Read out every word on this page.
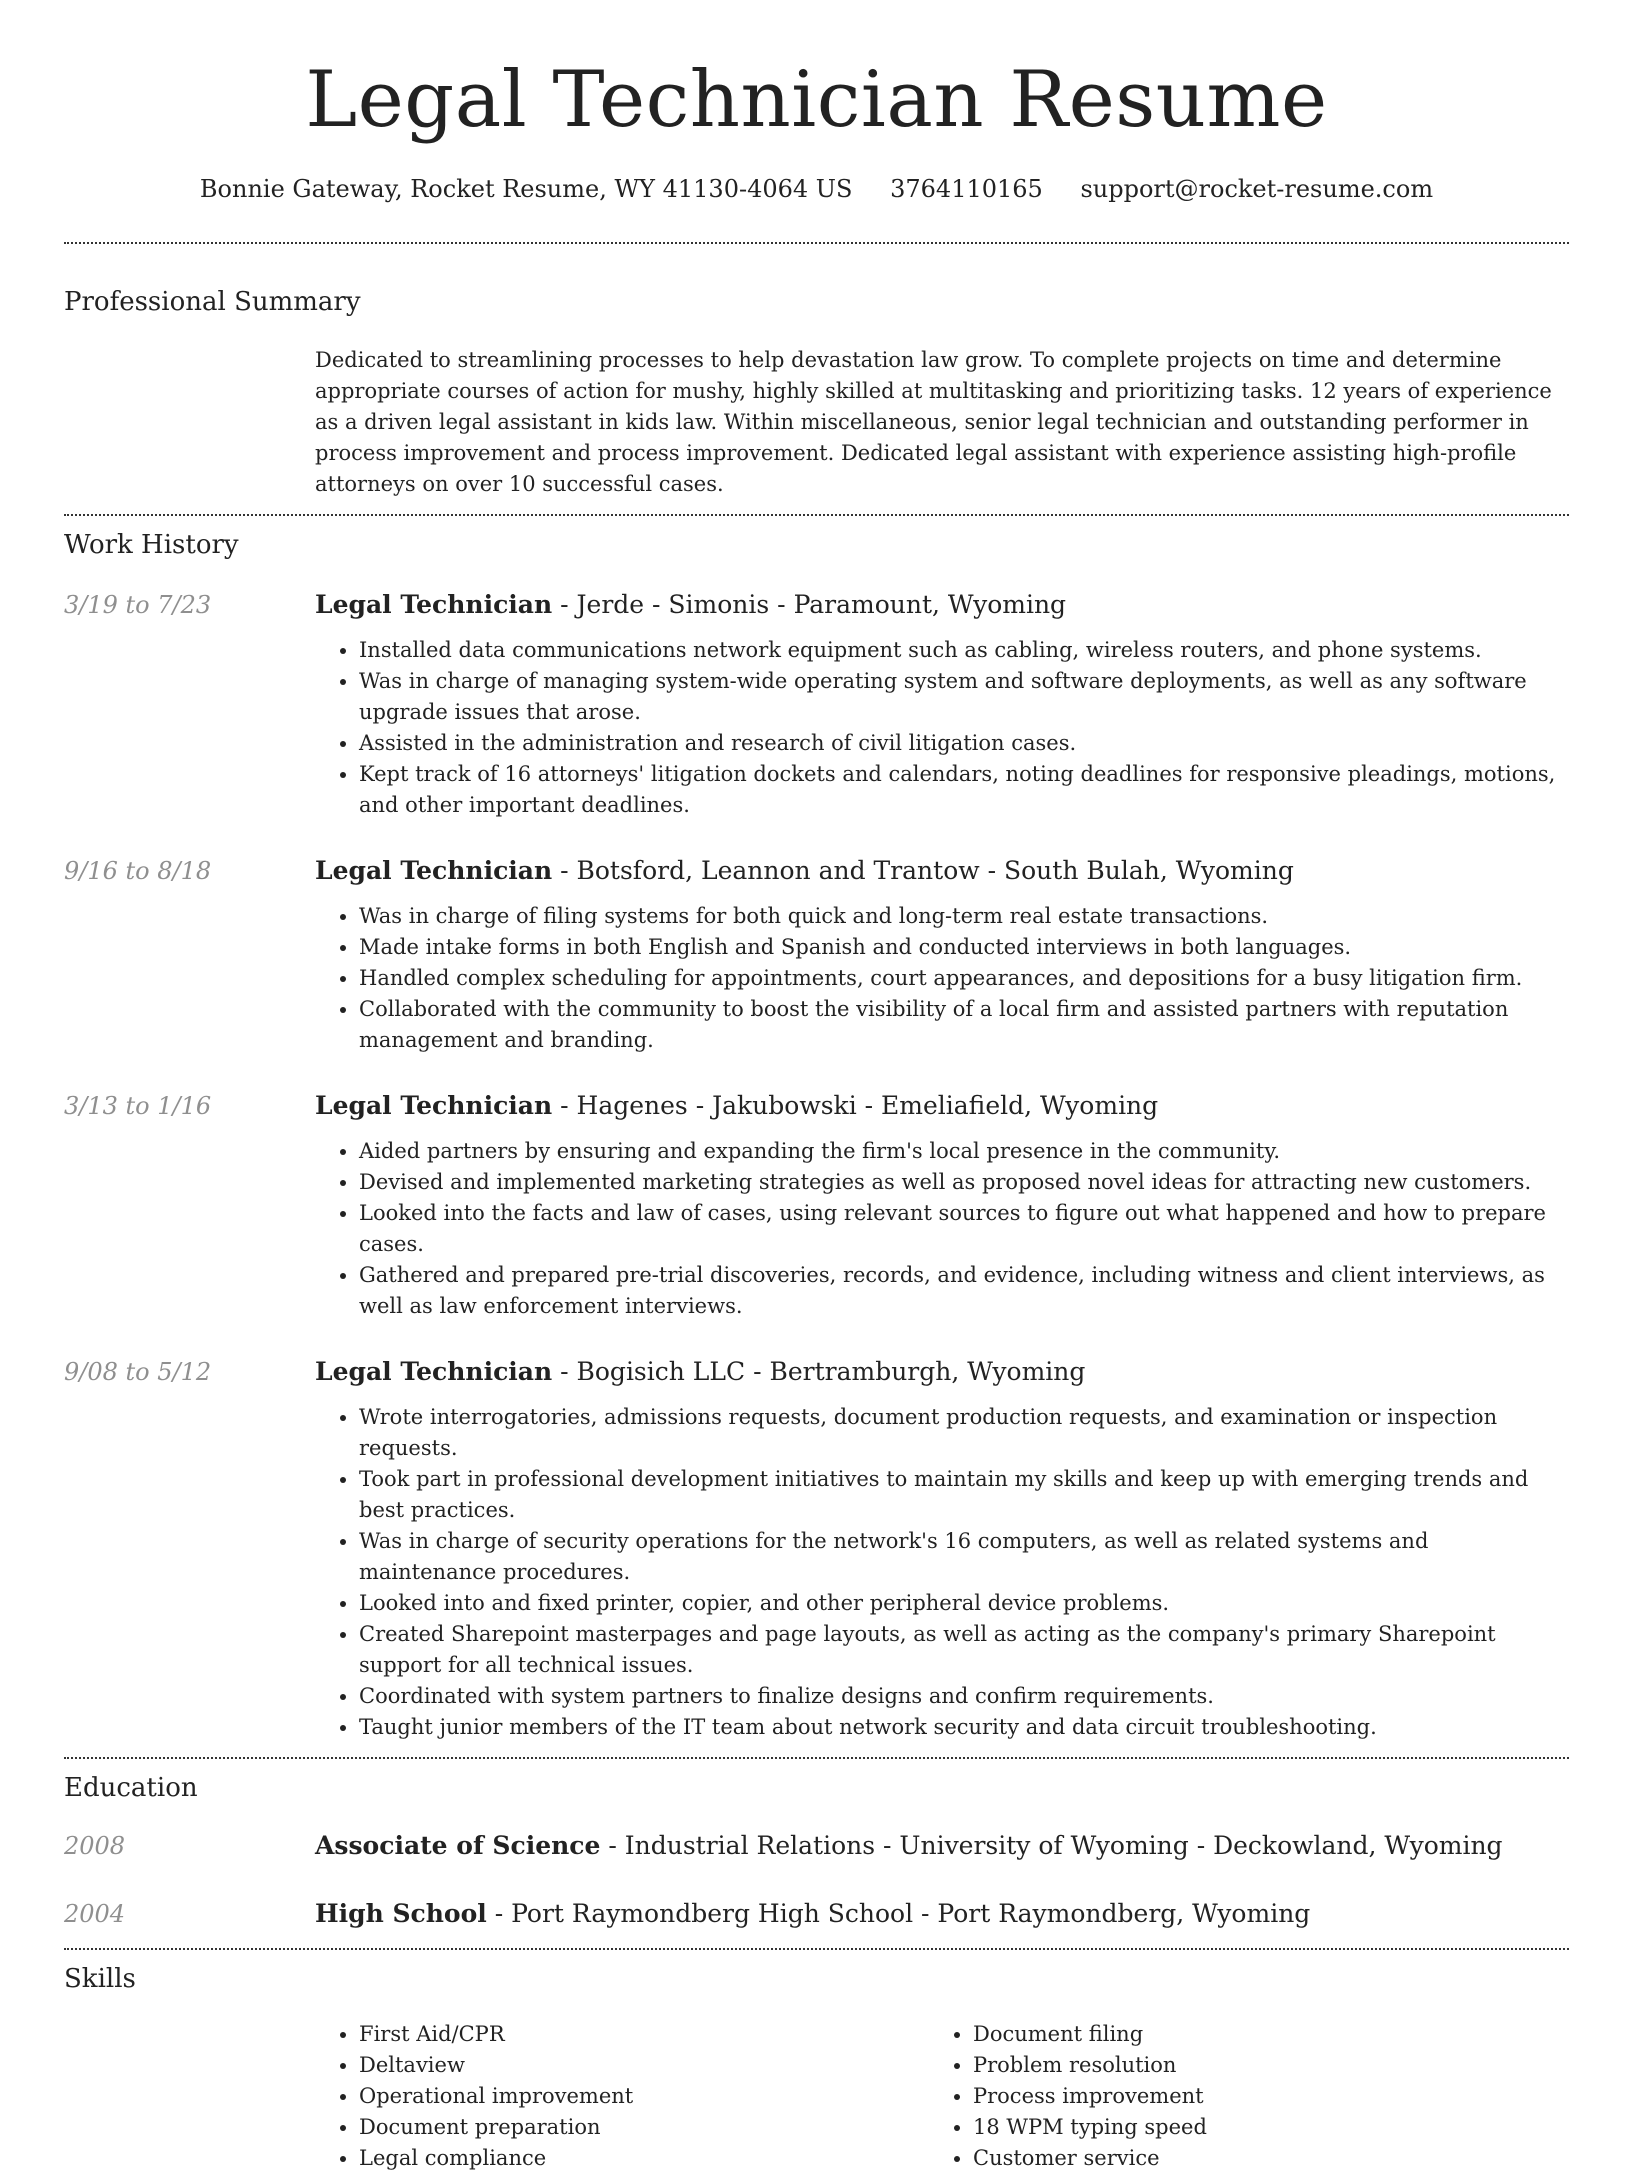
Legal Technician Resume
Bonnie Gateway, Rocket Resume, WY 41130-4064 US 3764110165 support@rocket-resume.com
Professional Summary

Dedicated to streamlining processes to help devastation law grow. To complete projects on time and determine appropriate courses of action for mushy, highly skilled at multitasking and prioritizing tasks. 12 years of experience as a driven legal assistant in kids law. Within miscellaneous, senior legal technician and outstanding performer in process improvement and process improvement. Dedicated legal assistant with experience assisting high-profile attorneys on over 10 successful cases.

Work History
3/19 to 7/23	Legal Technician - Jerde - Simonis - Paramount, Wyoming
• Installed data communications network equipment such as cabling, wireless routers, and phone systems.
• Was in charge of managing system-wide operating system and software deployments, as well as any software upgrade issues that arose.
• Assisted in the administration and research of civil litigation cases.
• Kept track of 16 attorneys' litigation dockets and calendars, noting deadlines for responsive pleadings, motions, and other important deadlines.
9/16 to 8/18	Legal Technician - Botsford, Leannon and Trantow - South Bulah, Wyoming
• Was in charge of filing systems for both quick and long-term real estate transactions.
• Made intake forms in both English and Spanish and conducted interviews in both languages.
• Handled complex scheduling for appointments, court appearances, and depositions for a busy litigation firm.
• Collaborated with the community to boost the visibility of a local firm and assisted partners with reputation management and branding.
3/13 to 1/16	Legal Technician - Hagenes - Jakubowski - Emeliafield, Wyoming
• Aided partners by ensuring and expanding the firm's local presence in the community.
• Devised and implemented marketing strategies as well as proposed novel ideas for attracting new customers.
• Looked into the facts and law of cases, using relevant sources to figure out what happened and how to prepare cases.
• Gathered and prepared pre-trial discoveries, records, and evidence, including witness and client interviews, as well as law enforcement interviews.
9/08 to 5/12	Legal Technician - Bogisich LLC - Bertramburgh, Wyoming
• Wrote interrogatories, admissions requests, document production requests, and examination or inspection requests.
• Took part in professional development initiatives to maintain my skills and keep up with emerging trends and best practices.
• Was in charge of security operations for the network's 16 computers, as well as related systems and maintenance procedures.
• Looked into and fixed printer, copier, and other peripheral device problems.
• Created Sharepoint masterpages and page layouts, as well as acting as the company's primary Sharepoint support for all technical issues.
• Coordinated with system partners to finalize designs and confirm requirements.
• Taught junior members of the IT team about network security and data circuit troubleshooting.
Education
2008	Associate of Science - Industrial Relations - University of Wyoming - Deckowland, Wyoming
2004	High School - Port Raymondberg High School - Port Raymondberg, Wyoming
Skills
• First Aid/CPR
• Deltaview
• Operational improvement
• Document preparation
• Legal compliance
• Document filing
• Problem resolution
• Process improvement
• 18 WPM typing speed
• Customer service
